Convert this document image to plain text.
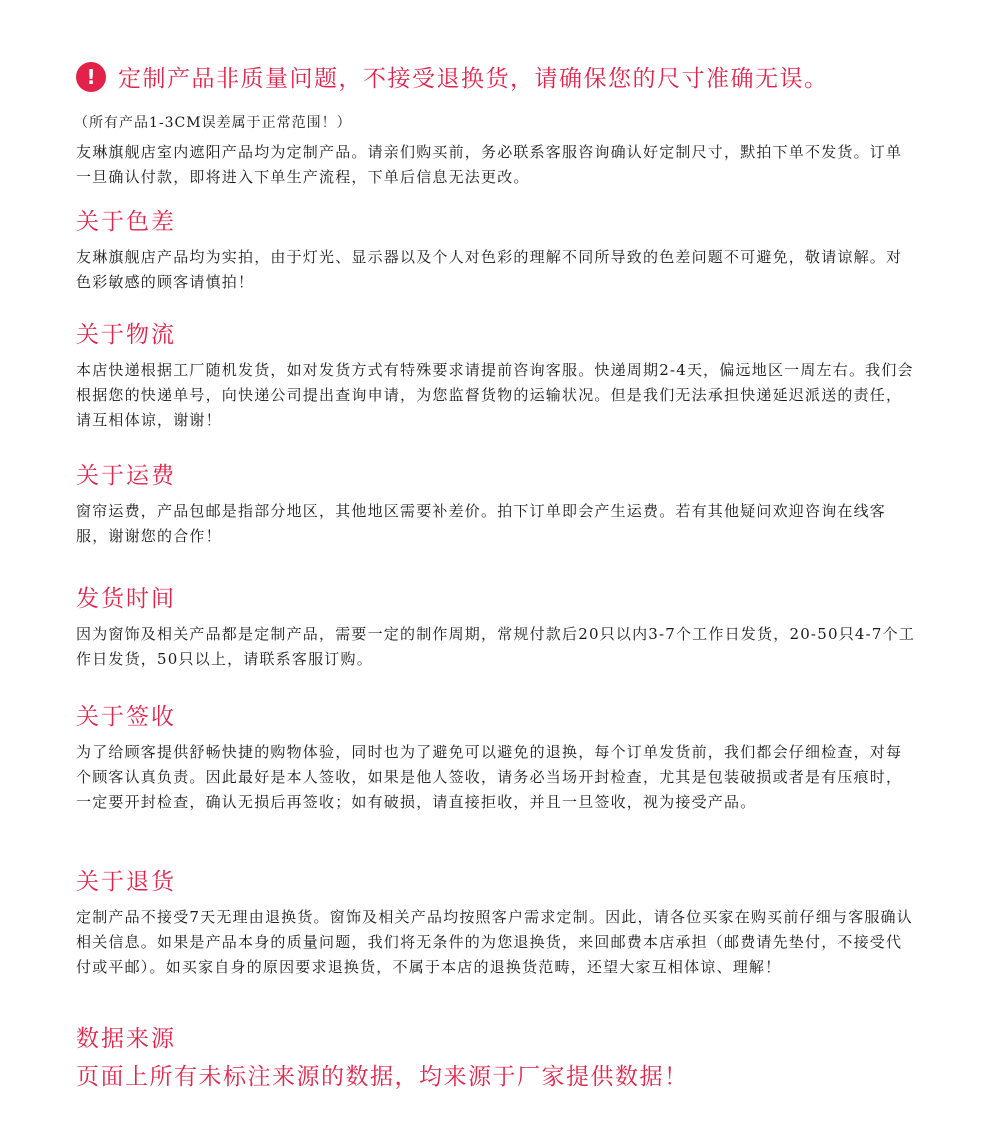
! 定制产品非质量问题，不接受退换货，请确保您的尺寸准确无误。
（所有产品1-3CM误差属于正常范围！）
友琳旗舰店室内遮阳产品均为定制产品。请亲们购买前，务必联系客服咨询确认好定制尺寸，默拍下单不发货。订单一旦确认付款，即将进入下单生产流程，下单后信息无法更改。
关于色差

友琳旗舰店产品均为实拍，由于灯光、显示器以及个人对色彩的理解不同所导致的色差问题不可避免，敬请谅解。对色彩敏感的顾客请慎拍！

关于物流

本店快递根据工厂随机发货，如对发货方式有特殊要求请提前咨询客服。快递周期2-4天，偏远地区一周左右。我们会根据您的快递单号，向快递公司提出查询申请，为您监督货物的运输状况。但是我们无法承担快递延迟派送的责任，请互相体谅，谢谢！

关于运费

窗帘运费，产品包邮是指部分地区，其他地区需要补差价。拍下订单即会产生运费。若有其他疑问欢迎咨询在线客服，谢谢您的合作！

发货时间

因为窗饰及相关产品都是定制产品，需要一定的制作周期，常规付款后20只以内3-7个工作日发货，20-50只4-7个工作日发货，50只以上，请联系客服订购。

关于签收

为了给顾客提供舒畅快捷的购物体验，同时也为了避免可以避免的退换，每个订单发货前，我们都会仔细检查，对每个顾客认真负责。因此最好是本人签收，如果是他人签收，请务必当场开封检查，尤其是包装破损或者是有压痕时，一定要开封检查，确认无损后再签收；如有破损，请直接拒收，并且一旦签收，视为接受产品。

关于退货

定制产品不接受7天无理由退换货。窗饰及相关产品均按照客户需求定制。因此，请各位买家在购买前仔细与客服确认相关信息。如果是产品本身的质量问题，我们将无条件的为您退换货，来回邮费本店承担（邮费请先垫付，不接受代付或平邮）。如买家自身的原因要求退换货，不属于本店的退换货范畴，还望大家互相体谅、理解！

数据来源
页面上所有未标注来源的数据，均来源于厂家提供数据！
